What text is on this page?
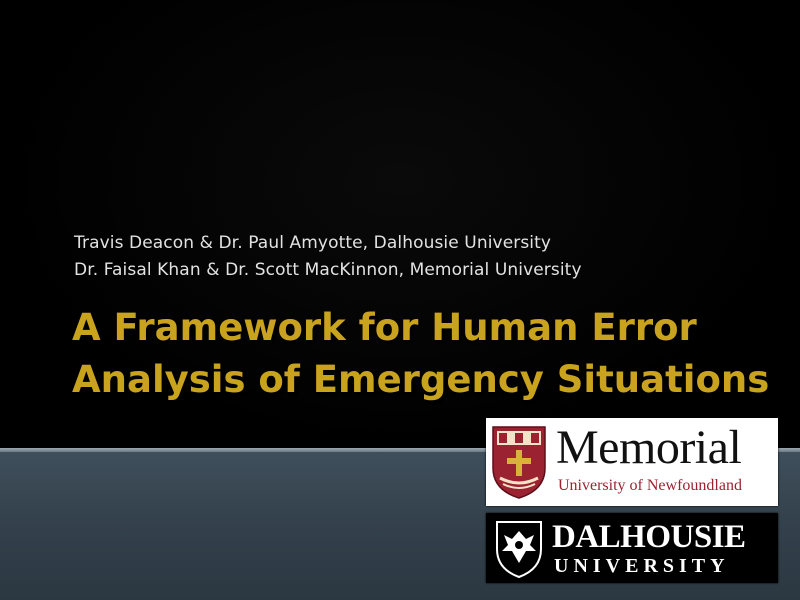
Travis Deacon & Dr. Paul Amyotte, Dalhousie University
Dr. Faisal Khan & Dr. Scott MacKinnon, Memorial University
A Framework for Human Error
Analysis of Emergency Situations
Memorial
University of Newfoundland
DALHOUSIE
UNIVERSITY
